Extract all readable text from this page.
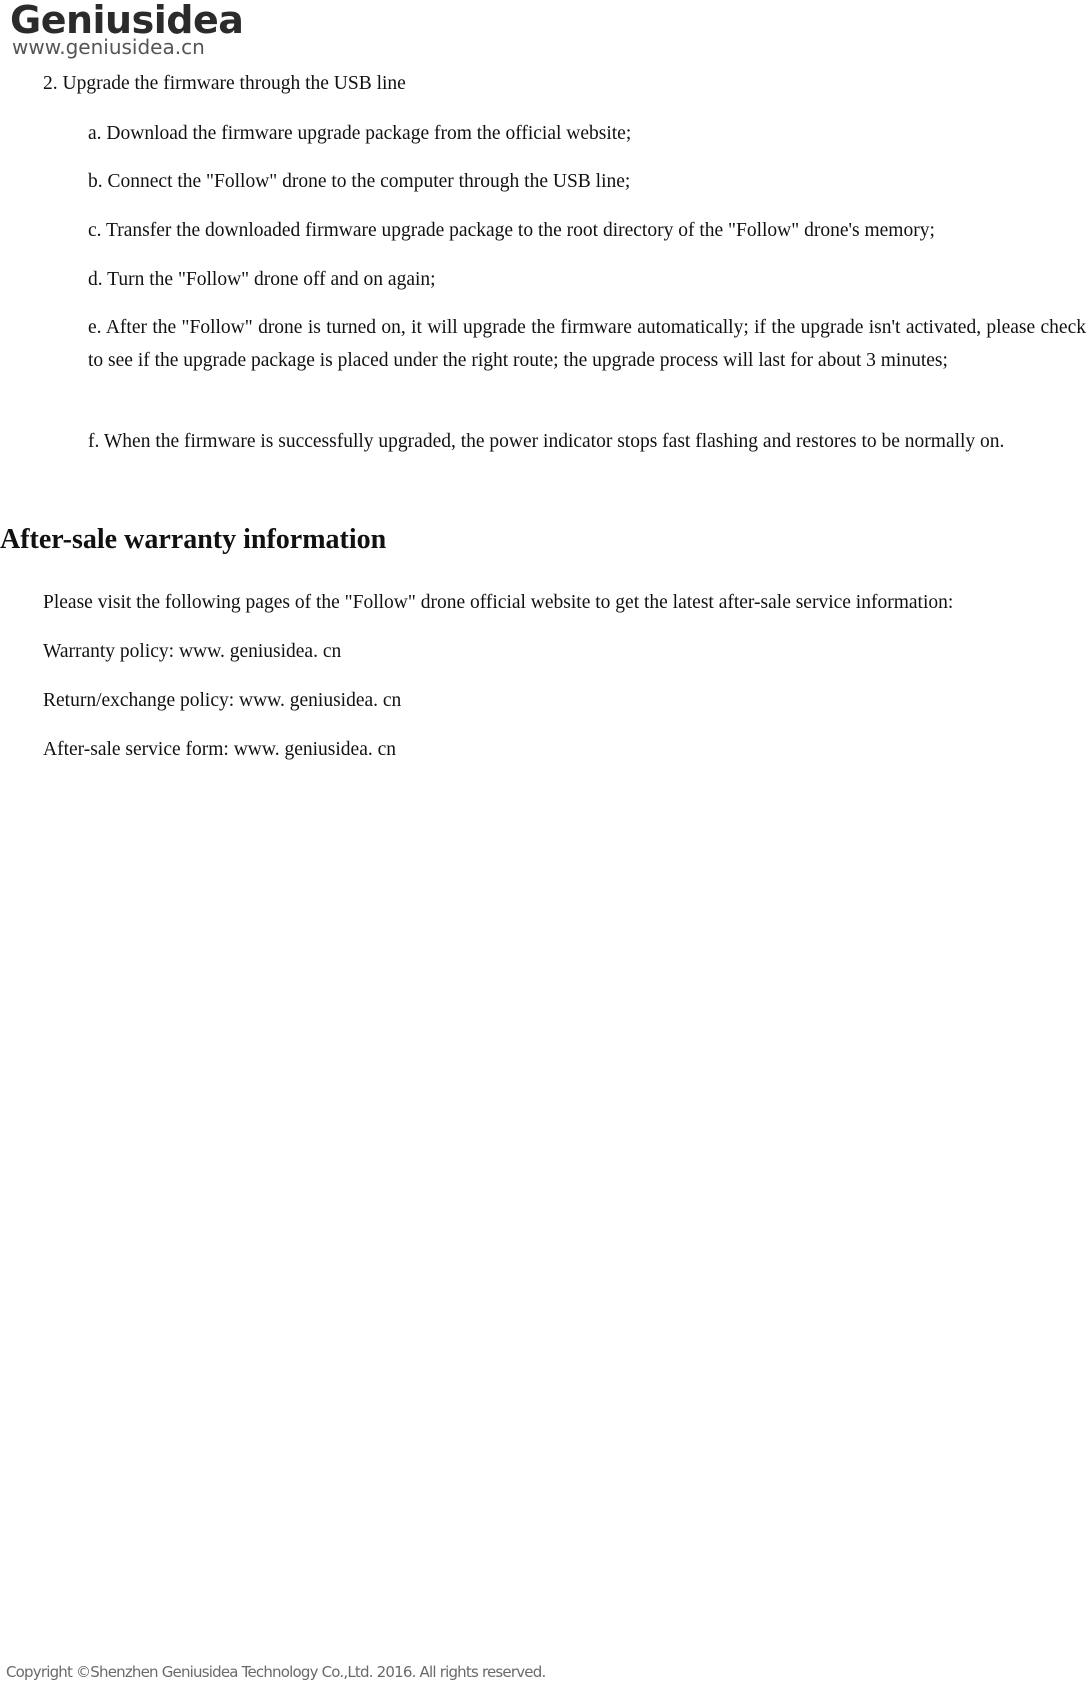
Geniusidea
www.geniusidea.cn
2. Upgrade the firmware through the USB line
a. Download the firmware upgrade package from the official website;
b. Connect the "Follow" drone to the computer through the USB line;
c. Transfer the downloaded firmware upgrade package to the root directory of the "Follow" drone's memory;
d. Turn the "Follow" drone off and on again;
e. After the "Follow" drone is turned on, it will upgrade the firmware automatically; if the upgrade isn't activated, please check to see if the upgrade package is placed under the right route; the upgrade process will last for about 3 minutes;
f. When the firmware is successfully upgraded, the power indicator stops fast flashing and restores to be normally on.
After-sale warranty information
Please visit the following pages of the "Follow" drone official website to get the latest after-sale service information:
Warranty policy: www. geniusidea. cn
Return/exchange policy: www. geniusidea. cn
After-sale service form: www. geniusidea. cn
Copyright ©Shenzhen Geniusidea Technology Co.,Ltd. 2016. All rights reserved.
